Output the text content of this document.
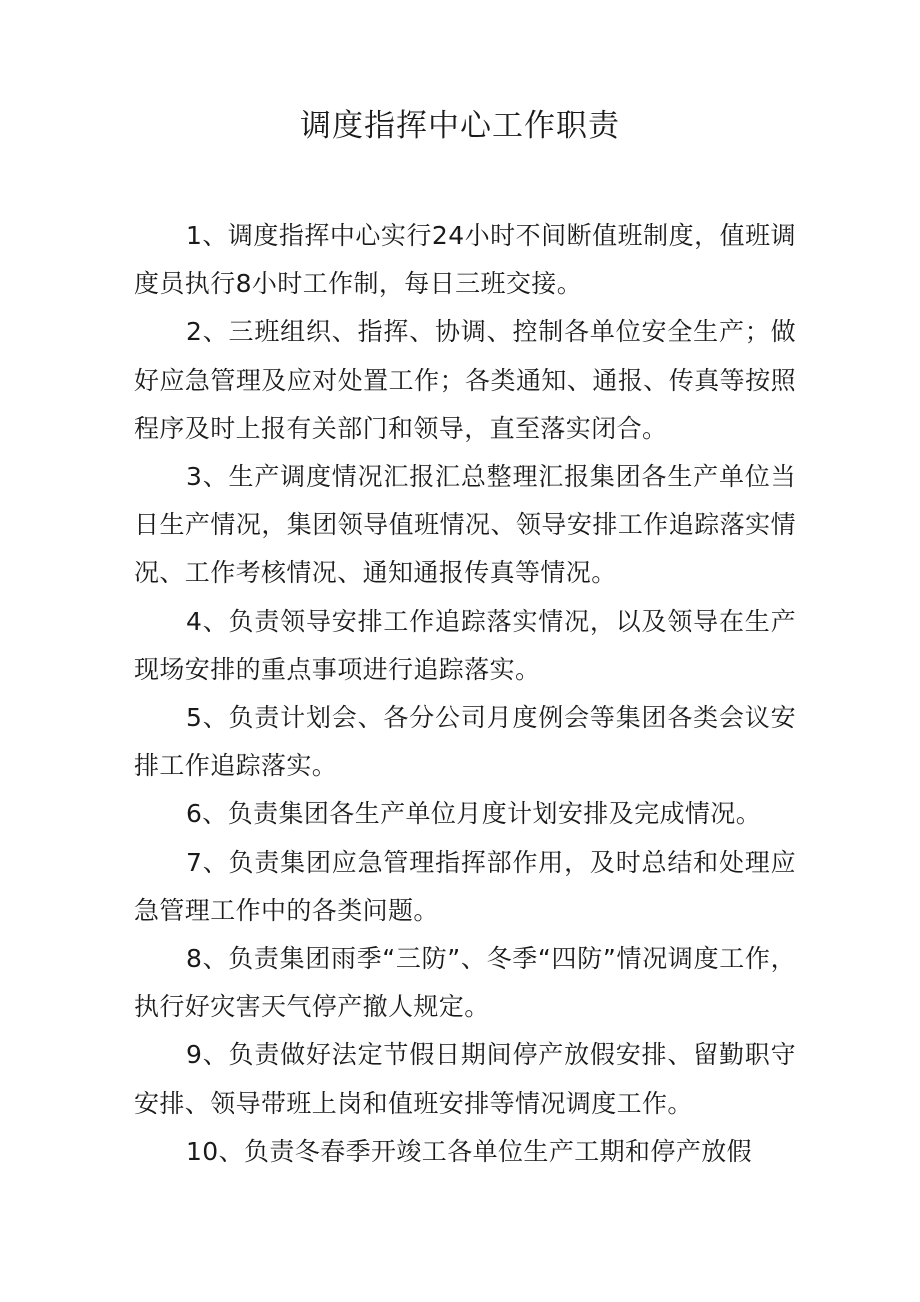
调度指挥中心工作职责

1、调度指挥中心实行24小时不间断值班制度，值班调度员执行8小时工作制，每日三班交接。

2、三班组织、指挥、协调、控制各单位安全生产；做好应急管理及应对处置工作；各类通知、通报、传真等按照程序及时上报有关部门和领导，直至落实闭合。

3、生产调度情况汇报汇总整理汇报集团各生产单位当日生产情况，集团领导值班情况、领导安排工作追踪落实情况、工作考核情况、通知通报传真等情况。

4、负责领导安排工作追踪落实情况，以及领导在生产现场安排的重点事项进行追踪落实。

5、负责计划会、各分公司月度例会等集团各类会议安排工作追踪落实。

6、负责集团各生产单位月度计划安排及完成情况。

7、负责集团应急管理指挥部作用，及时总结和处理应急管理工作中的各类问题。

8、负责集团雨季“三防”、冬季“四防”情况调度工作，执行好灾害天气停产撤人规定。

9、负责做好法定节假日期间停产放假安排、留勤职守安排、领导带班上岗和值班安排等情况调度工作。

10、负责冬春季开竣工各单位生产工期和停产放假
